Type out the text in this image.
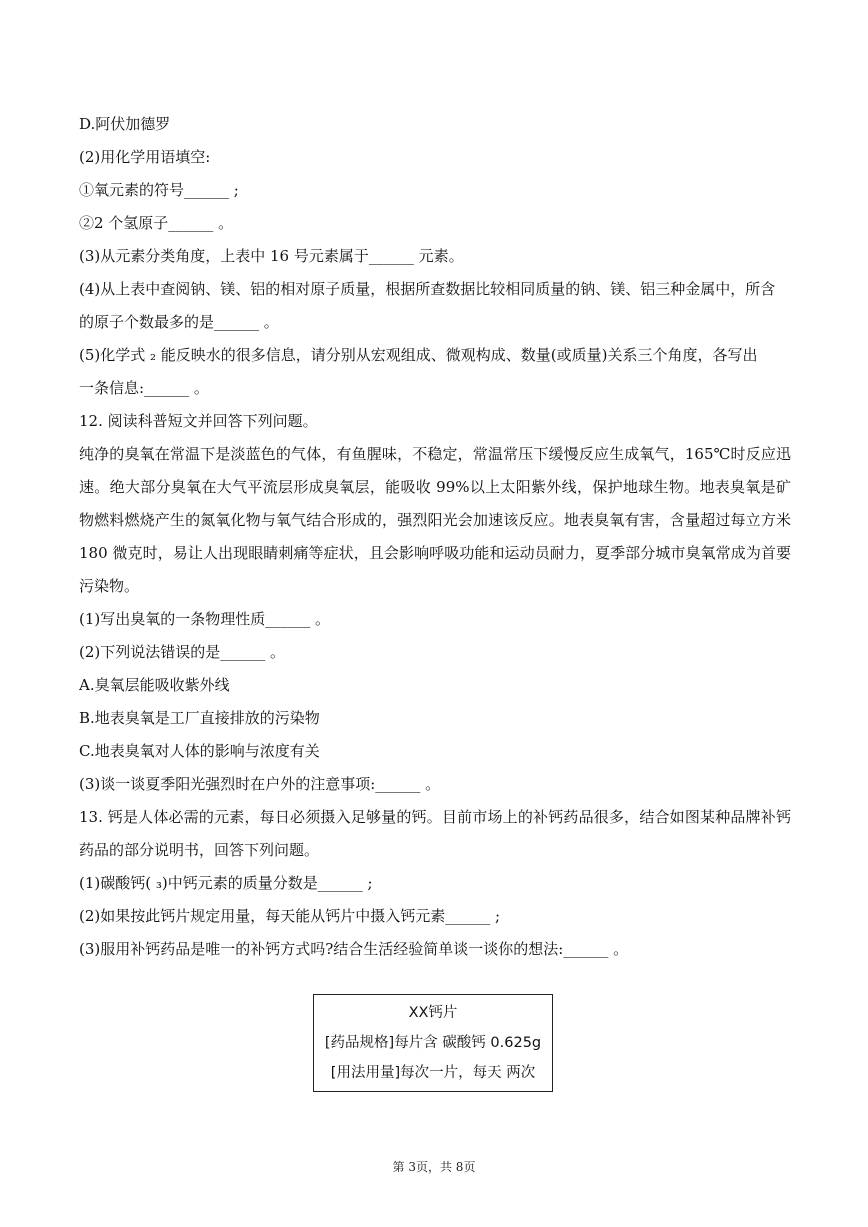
D.阿伏加德罗
(2)用化学用语填空:
①氧元素的符号______ ;
②2 个氢原子______ 。
(3)从元素分类角度，上表中 16 号元素属于______ 元素。
(4)从上表中查阅钠、镁、铝的相对原子质量，根据所查数据比较相同质量的钠、镁、铝三种金属中，所含
的原子个数最多的是______ 。
(5)化学式 ₂ 能反映水的很多信息，请分别从宏观组成、微观构成、数量(或质量)关系三个角度，各写出
一条信息:______ 。
12. 阅读科普短文并回答下列问题。
纯净的臭氧在常温下是淡蓝色的气体，有鱼腥味，不稳定，常温常压下缓慢反应生成氧气，165℃时反应迅速。绝大部分臭氧在大气平流层形成臭氧层，能吸收 99%以上太阳紫外线，保护地球生物。地表臭氧是矿物燃料燃烧产生的氮氧化物与氧气结合形成的，强烈阳光会加速该反应。地表臭氧有害，含量超过每立方米 180 微克时，易让人出现眼睛刺痛等症状，且会影响呼吸功能和运动员耐力，夏季部分城市臭氧常成为首要污染物。
(1)写出臭氧的一条物理性质______ 。
(2)下列说法错误的是______ 。
A.臭氧层能吸收紫外线
B.地表臭氧是工厂直接排放的污染物
C.地表臭氧对人体的影响与浓度有关
(3)谈一谈夏季阳光强烈时在户外的注意事项:______ 。
13. 钙是人体必需的元素，每日必须摄入足够量的钙。目前市场上的补钙药品很多，结合如图某种品牌补钙药品的部分说明书，回答下列问题。
(1)碳酸钙( ₃)中钙元素的质量分数是______ ;
(2)如果按此钙片规定用量，每天能从钙片中摄入钙元素______ ;
(3)服用补钙药品是唯一的补钙方式吗?结合生活经验简单谈一谈你的想法:______ 。
XX钙片
[药品规格]每片含 碳酸钙 0.625g
[用法用量]每次一片，每天 两次
第 3页，共 8页
